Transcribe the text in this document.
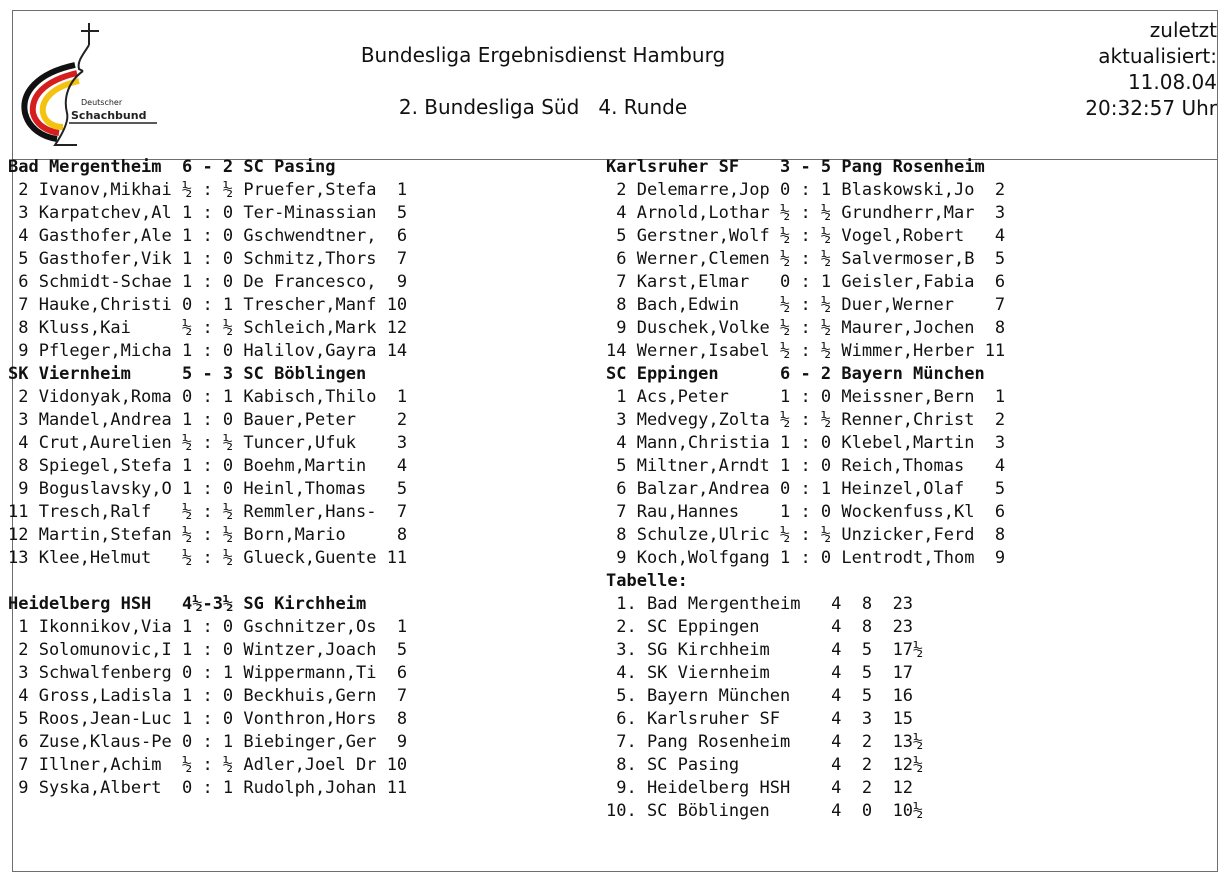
Deutscher
Schachbund
Bundesliga Ergebnisdienst Hamburg
2. Bundesliga Süd 4. Runde
zuletzt
aktualisiert:
11.08.04
20:32:57 Uhr
Bad Mergentheim  6 - 2 SC Pasing
2 Ivanov,Mikhai ½ : ½ Pruefer,Stefa  1
3 Karpatchev,Al 1 : 0 Ter-Minassian  5
4 Gasthofer,Ale 1 : 0 Gschwendtner,  6
5 Gasthofer,Vik 1 : 0 Schmitz,Thors  7
6 Schmidt-Schae 1 : 0 De Francesco,  9
7 Hauke,Christi 0 : 1 Trescher,Manf 10
8 Kluss,Kai     ½ : ½ Schleich,Mark 12
9 Pfleger,Micha 1 : 0 Halilov,Gayra 14
SK Viernheim     5 - 3 SC Böblingen
2 Vidonyak,Roma 0 : 1 Kabisch,Thilo  1
3 Mandel,Andrea 1 : 0 Bauer,Peter    2
4 Crut,Aurelien ½ : ½ Tuncer,Ufuk    3
8 Spiegel,Stefa 1 : 0 Boehm,Martin   4
9 Boguslavsky,O 1 : 0 Heinl,Thomas   5
11 Tresch,Ralf   ½ : ½ Remmler,Hans-  7
12 Martin,Stefan ½ : ½ Born,Mario     8
13 Klee,Helmut   ½ : ½ Glueck,Guente 11
Heidelberg HSH   4½-3½ SG Kirchheim
1 Ikonnikov,Via 1 : 0 Gschnitzer,Os  1
2 Solomunovic,I 1 : 0 Wintzer,Joach  5
3 Schwalfenberg 0 : 1 Wippermann,Ti  6
4 Gross,Ladisla 1 : 0 Beckhuis,Gern  7
5 Roos,Jean-Luc 1 : 0 Vonthron,Hors  8
6 Zuse,Klaus-Pe 0 : 1 Biebinger,Ger  9
7 Illner,Achim  ½ : ½ Adler,Joel Dr 10
9 Syska,Albert  0 : 1 Rudolph,Johan 11
Karlsruher SF    3 - 5 Pang Rosenheim
2 Delemarre,Jop 0 : 1 Blaskowski,Jo  2
4 Arnold,Lothar ½ : ½ Grundherr,Mar  3
5 Gerstner,Wolf ½ : ½ Vogel,Robert   4
6 Werner,Clemen ½ : ½ Salvermoser,B  5
7 Karst,Elmar   0 : 1 Geisler,Fabia  6
8 Bach,Edwin    ½ : ½ Duer,Werner    7
9 Duschek,Volke ½ : ½ Maurer,Jochen  8
14 Werner,Isabel ½ : ½ Wimmer,Herber 11
SC Eppingen      6 - 2 Bayern München
1 Acs,Peter     1 : 0 Meissner,Bern  1
3 Medvegy,Zolta ½ : ½ Renner,Christ  2
4 Mann,Christia 1 : 0 Klebel,Martin  3
5 Miltner,Arndt 1 : 0 Reich,Thomas   4
6 Balzar,Andrea 0 : 1 Heinzel,Olaf   5
7 Rau,Hannes    1 : 0 Wockenfuss,Kl  6
8 Schulze,Ulric ½ : ½ Unzicker,Ferd  8
9 Koch,Wolfgang 1 : 0 Lentrodt,Thom  9
Tabelle:
1. Bad Mergentheim   4  8  23
2. SC Eppingen       4  8  23
3. SG Kirchheim      4  5  17½
4. SK Viernheim      4  5  17
5. Bayern München    4  5  16
6. Karlsruher SF     4  3  15
7. Pang Rosenheim    4  2  13½
8. SC Pasing         4  2  12½
9. Heidelberg HSH    4  2  12
10. SC Böblingen      4  0  10½
